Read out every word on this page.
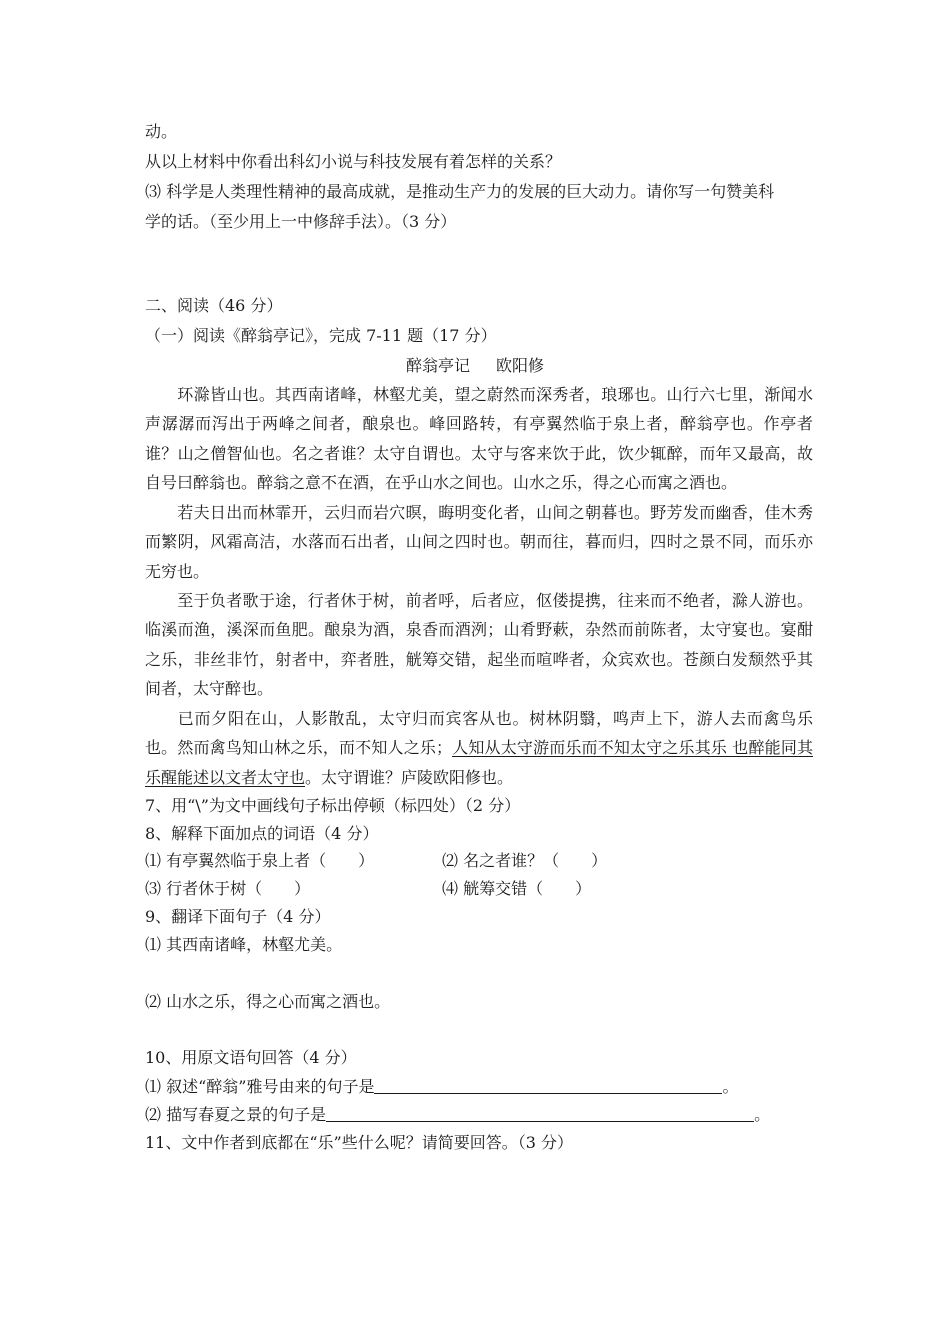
动。
从以上材料中你看出科幻小说与科技发展有着怎样的关系？
⑶ 科学是人类理性精神的最高成就，是推动生产力的发展的巨大动力。请你写一句赞美科
学的话。（至少用上一中修辞手法）。（3 分）
二、阅读（46 分）
（一）阅读《醉翁亭记》，完成 7-11 题（17 分）
醉翁亭记 欧阳修
环滁皆山也。其西南诸峰，林壑尤美，望之蔚然而深秀者，琅琊也。山行六七里，渐闻水声潺潺而泻出于两峰之间者，酿泉也。峰回路转，有亭翼然临于泉上者，醉翁亭也。作亭者谁？山之僧智仙也。名之者谁？太守自谓也。太守与客来饮于此，饮少辄醉，而年又最高，故自号曰醉翁也。醉翁之意不在酒，在乎山水之间也。山水之乐，得之心而寓之酒也。
若夫日出而林霏开，云归而岩穴暝，晦明变化者，山间之朝暮也。野芳发而幽香，佳木秀而繁阴，风霜高洁，水落而石出者，山间之四时也。朝而往，暮而归，四时之景不同，而乐亦无穷也。
至于负者歌于途，行者休于树，前者呼，后者应，伛偻提携，往来而不绝者，滁人游也。临溪而渔，溪深而鱼肥。酿泉为酒，泉香而酒洌；山肴野蔌，杂然而前陈者，太守宴也。宴酣之乐，非丝非竹，射者中，弈者胜，觥筹交错，起坐而喧哗者，众宾欢也。苍颜白发颓然乎其间者，太守醉也。
已而夕阳在山，人影散乱，太守归而宾客从也。树林阴翳，鸣声上下，游人去而禽鸟乐也。然而禽鸟知山林之乐，而不知人之乐；人知从太守游而乐而不知太守之乐其乐 也醉能同其乐醒能述以文者太守也。太守谓谁？庐陵欧阳修也。
7、用“\”为文中画线句子标出停顿（标四处）（2 分）
8、解释下面加点的词语（4 分）
⑴ 有亭翼然临于泉上者（　　）	⑵ 名之者谁？（　　）
⑶ 行者休于树（　　）	⑷ 觥筹交错（　　）
9、翻译下面句子（4 分）
⑴ 其西南诸峰，林壑尤美。
⑵ 山水之乐，得之心而寓之酒也。
10、用原文语句回答（4 分）
⑴ 叙述“醉翁”雅号由来的句子是	。
⑵ 描写春夏之景的句子是	。
11、文中作者到底都在“乐”些什么呢？请简要回答。（3 分）
